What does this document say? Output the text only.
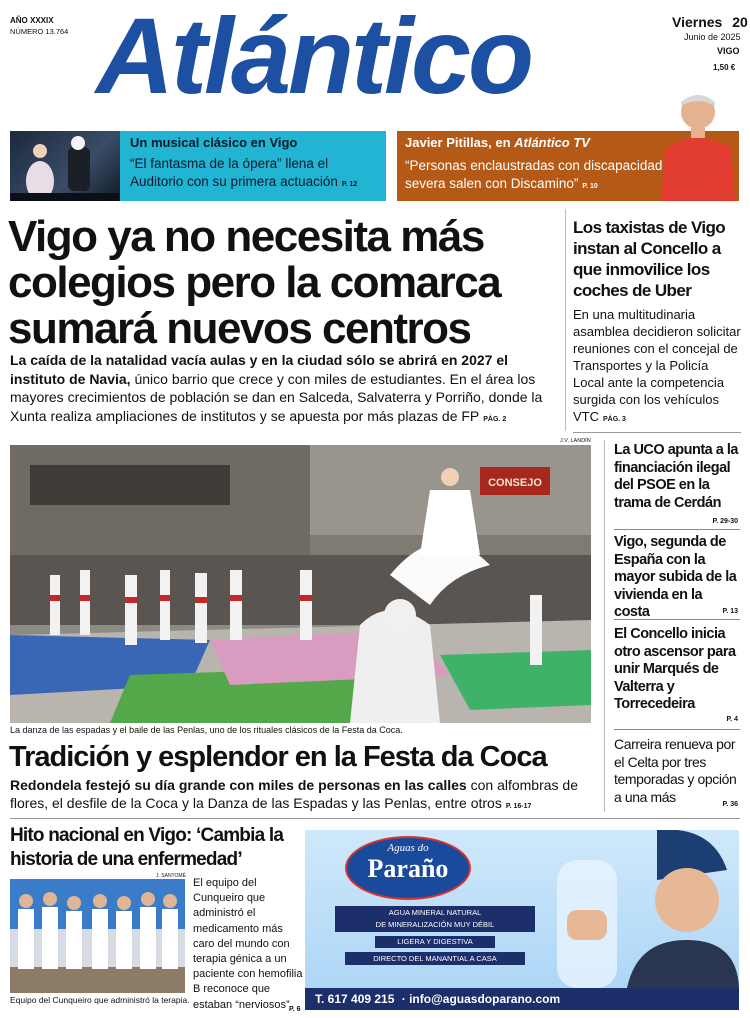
AÑO XXXIX
NÚMERO 13.764 Atlántico	Viernes 20
Junio de 2025
VIGO
1,50 €
Un musical clásico en Vigo
“El fantasma de la ópera” llena el Auditorio con su primera actuación P. 12
Javier Pitillas, en Atlántico TV
“Personas enclaustradas con discapacidad severa salen con Discamino” P. 10
Vigo ya no necesita más colegios pero la comarca sumará nuevos centros
La caída de la natalidad vacía aulas y en la ciudad sólo se abrirá en 2027 el instituto de Navia, único barrio que crece y con miles de estudiantes. En el área los mayores crecimientos de población se dan en Salceda, Salvaterra y Porriño, donde la Xunta realiza ampliaciones de institutos y se apuesta por más plazas de FP PÁG. 2
Los taxistas de Vigo instan al Concello a que inmovilice los coches de Uber
En una multitudinaria asamblea decidieron solicitar reuniones con el concejal de Transportes y la Policía Local ante la competencia surgida con los vehículos VTC PÁG. 3
J.V. LANDÍN
CONSEJO
La danza de las espadas y el baile de las Penlas, uno de los rituales clásicos de la Festa da Coca.
La UCO apunta a la financiación ilegal del PSOE en la trama de Cerdán
P. 29-30
Vigo, segunda de España con la mayor subida de la vivienda en la costa	P. 13
El Concello inicia otro ascensor para unir Marqués de Valterra y Torrecedeira
P. 4
Carreira renueva por el Celta por tres temporadas y opción a una más	P. 36
Tradición y esplendor en la Festa da Coca
Redondela festejó su día grande con miles de personas en las calles con alfombras de flores, el desfile de la Coca y la Danza de las Espadas y las Penlas, entre otros P. 16-17
Hito nacional en Vigo: ‘Cambia la historia de una enfermedad’
J. SANTOMÉ
Equipo del Cunqueiro que administró la terapia.
El equipo del Cunqueiro que administró el medicamento más caro del mundo con terapia génica a un paciente con hemofilia B reconoce que estaban “nerviosos” P. 6
Aguas do
Paraño
AGUA MINERAL NATURAL
DE MINERALIZACIÓN MUY DÉBIL
LIGERA Y DIGESTIVA
DIRECTO DEL MANANTIAL A CASA
T. 617 409 215 · info@aguasdoparano.com
